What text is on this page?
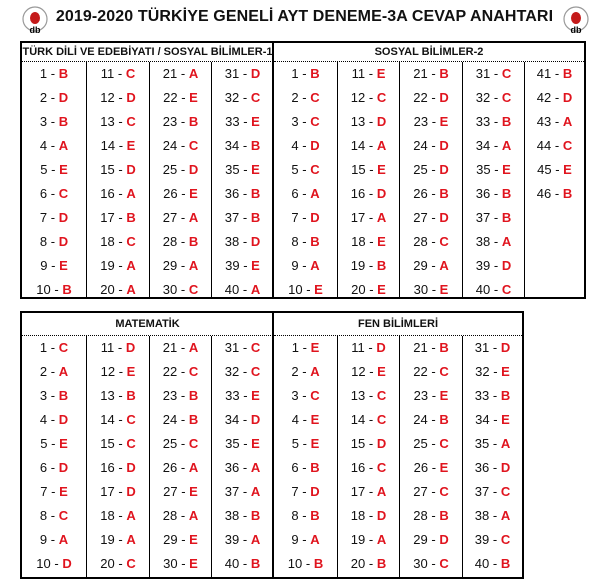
db
2019-2020 TÜRKİYE GENELİ AYT DENEME-3A CEVAP ANAHTARI
db
TÜRK DİLİ VE EDEBİYATI / SOSYAL BİLİMLER-1
1 - B
2 - D
3 - B
4 - A
5 - E
6 - C
7 - D
8 - D
9 - E
10 - B
11 - C
12 - D
13 - C
14 - E
15 - D
16 - A
17 - B
18 - C
19 - A
20 - A
21 - A
22 - E
23 - B
24 - C
25 - D
26 - E
27 - A
28 - B
29 - A
30 - C
31 - D
32 - C
33 - E
34 - B
35 - E
36 - B
37 - B
38 - D
39 - E
40 - A
SOSYAL BİLİMLER-2
1 - B
2 - C
3 - C
4 - D
5 - C
6 - A
7 - D
8 - B
9 - A
10 - E
11 - E
12 - C
13 - D
14 - A
15 - E
16 - D
17 - A
18 - E
19 - B
20 - E
21 - B
22 - D
23 - E
24 - D
25 - D
26 - B
27 - D
28 - C
29 - A
30 - E
31 - C
32 - C
33 - B
34 - A
35 - E
36 - B
37 - B
38 - A
39 - D
40 - C
41 - B
42 - D
43 - A
44 - C
45 - E
46 - B
MATEMATİK
1 - C
2 - A
3 - B
4 - D
5 - E
6 - D
7 - E
8 - C
9 - A
10 - D
11 - D
12 - E
13 - B
14 - C
15 - C
16 - D
17 - D
18 - A
19 - A
20 - C
21 - A
22 - C
23 - B
24 - B
25 - C
26 - A
27 - E
28 - A
29 - E
30 - E
31 - C
32 - C
33 - E
34 - D
35 - E
36 - A
37 - A
38 - B
39 - A
40 - B
FEN BİLİMLERİ
1 - E
2 - A
3 - C
4 - E
5 - E
6 - B
7 - D
8 - B
9 - A
10 - B
11 - D
12 - E
13 - C
14 - C
15 - D
16 - C
17 - A
18 - D
19 - A
20 - B
21 - B
22 - C
23 - E
24 - B
25 - C
26 - E
27 - C
28 - B
29 - D
30 - C
31 - D
32 - E
33 - B
34 - E
35 - A
36 - D
37 - C
38 - A
39 - C
40 - B
